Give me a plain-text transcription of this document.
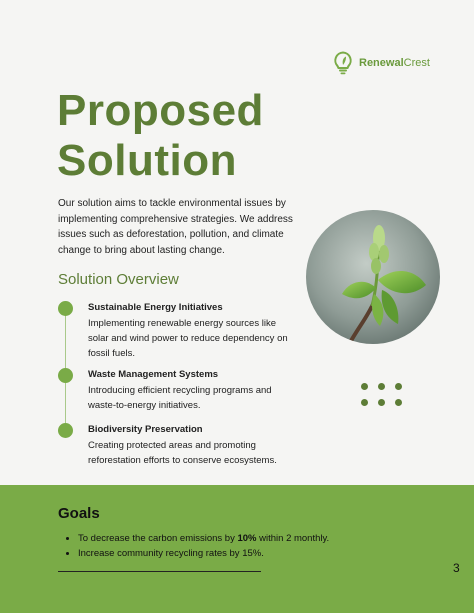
RenewalCrest
Proposed
Solution

Our solution aims to tackle environmental issues by implementing comprehensive strategies. We address issues such as deforestation, pollution, and climate change to bring about lasting change.

Solution Overview
Sustainable Energy Initiatives
Implementing renewable energy sources like solar and wind power to reduce dependency on fossil fuels.
Waste Management Systems
Introducing efficient recycling programs and waste-to-energy initiatives.
Biodiversity Preservation
Creating protected areas and promoting reforestation efforts to conserve ecosystems.
Goals
• To decrease the carbon emissions by 10% within 2 monthly.
• Increase community recycling rates by 15%.
3
